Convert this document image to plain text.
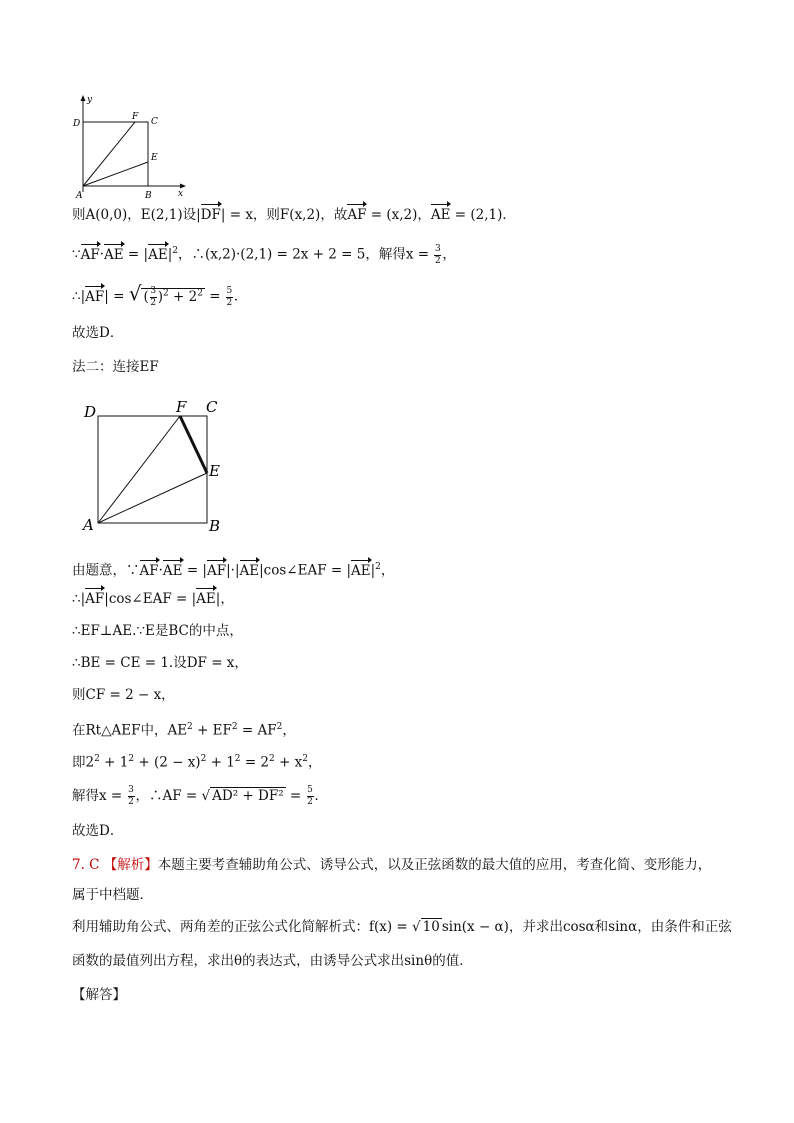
y
x
D
F C
E
A	B
则A(0,0)，E(2,1)设|DF| = x，则F(x,2)，故AF = (x,2)，AE = (2,1)．
∵AF·AE = $|AE|^2$，∴(x,2)·(2,1) = 2x + 2 = 5，解得$x = \frac{3}{2}$ ，
∴|AF| = √ ( $\frac{3}{2} )^2 + 2^2 = \frac{5}{2}$ ．
故选D．
法二：连接EF
D	F C
E
A	B
由题意，∵AF·AE = |AF|·|AE|cos∠EAF = $|AE|^2$，
∴|AF|cos∠EAF = |AE|，
∴EF⊥AE.∵E是BC的中点，
∴BE = CE = 1.设DF = x，
则CF = 2 − x，
在Rt△AEF中，$AE^2 + EF^2 = AF^2$，
即$2^2 + 1^2 + (2 - x)^2 + 1^2 = 2^2 + x^2$，
解得$x = \frac{3}{2}$ ，∴AF = √ $AD^2 + DF^2 = \frac{5}{2}$ ．
故选D．
7. C 【解析】本题主要考查辅助角公式、诱导公式，以及正弦函数的最大值的应用，考查化简、变形能力，
属于中档题．
利用辅助角公式、两角差的正弦公式化简解析式：f(x) = √ 10 sin(x − α)，并求出cosα和sinα，由条件和正弦
函数的最值列出方程，求出θ的表达式，由诱导公式求出sinθ的值．
【解答】
